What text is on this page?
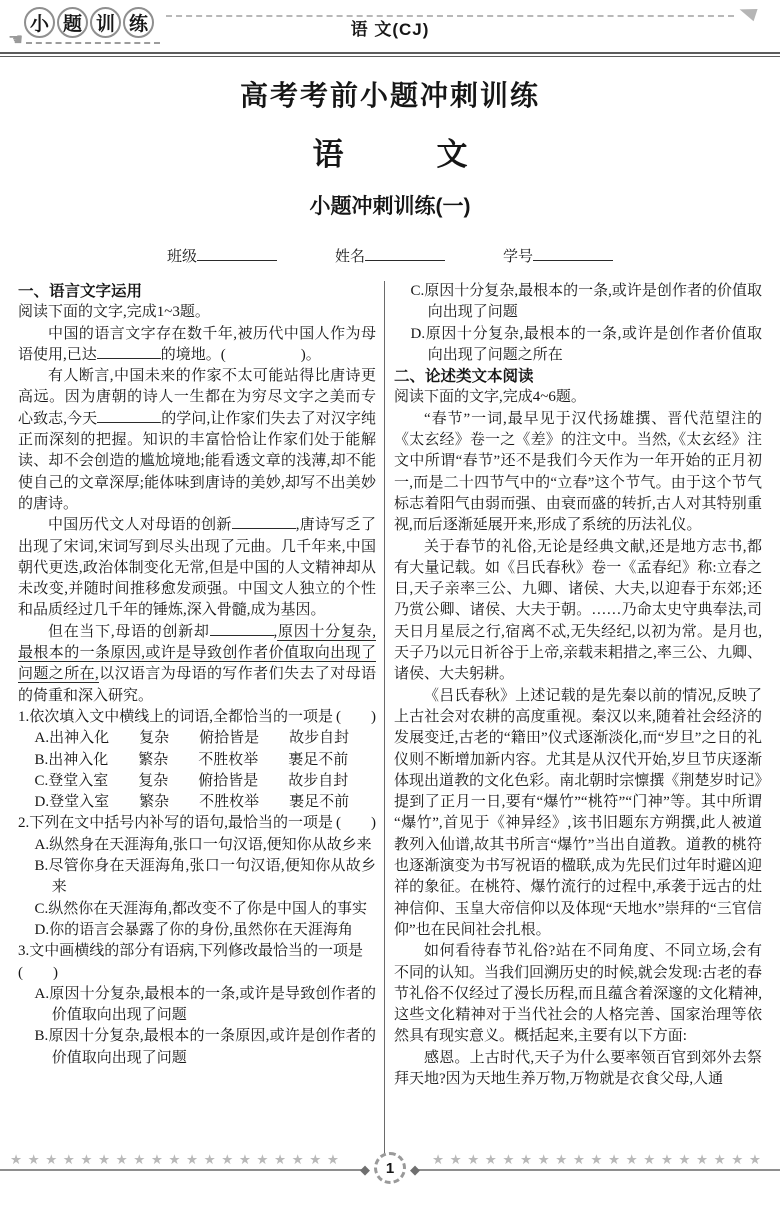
☚
小 题 训 练	语 文(CJ)
高考考前小题冲刺训练
语　　　文
小题冲刺训练(一)
班级	姓名	学号

一、语言文字运用

阅读下面的文字,完成1~3题。

中国的语言文字存在数千年,被历代中国人作为母语使用,已达	的境地。(　　　　　)。

有人断言,中国未来的作家不太可能站得比唐诗更高远。因为唐朝的诗人一生都在为穷尽文字之美而专心致志,今天	的学问,让作家们失去了对汉字纯正而深刻的把握。知识的丰富恰恰让作家们处于能解读、却不会创造的尴尬境地;能看透文章的浅薄,却不能使自己的文章深厚;能体味到唐诗的美妙,却写不出美妙的唐诗。

中国历代文人对母语的创新	,唐诗写乏了出现了宋词,宋词写到尽头出现了元曲。几千年来,中国朝代更迭,政治体制变化无常,但是中国的人文精神却从未改变,并随时间推移愈发顽强。中国文人独立的个性和品质经过几千年的锤炼,深入骨髓,成为基因。

但在当下,母语的创新却	,原因十分复杂,最根本的一条原因,或许是导致创作者价值取向出现了问题之所在,以汉语言为母语的写作者们失去了对母语的倚重和深入研究。

(　　)
1.依次填入文中横线上的词语,全都恰当的一项是

A.出神入化　　复杂　　俯拾皆是　　故步自封

B.出神入化　　繁杂　　不胜枚举　　裹足不前

C.登堂入室　　复杂　　俯拾皆是　　故步自封

D.登堂入室　　繁杂　　不胜枚举　　裹足不前

(　　)
2.下列在文中括号内补写的语句,最恰当的一项是

A.纵然身在天涯海角,张口一句汉语,便知你从故乡来

B.尽管你身在天涯海角,张口一句汉语,便知你从故乡来

C.纵然你在天涯海角,都改变不了你是中国人的事实

D.你的语言会暴露了你的身份,虽然你在天涯海角

3.文中画横线的部分有语病,下列修改最恰当的一项是

(　　)

A.原因十分复杂,最根本的一条,或许是导致创作者的价值取向出现了问题

B.原因十分复杂,最根本的一条原因,或许是创作者的价值取向出现了问题

C.原因十分复杂,最根本的一条,或许是创作者的价值取向出现了问题

D.原因十分复杂,最根本的一条,或许是创作者价值取向出现了问题之所在

二、论述类文本阅读

阅读下面的文字,完成4~6题。

“春节”一词,最早见于汉代扬雄撰、晋代范望注的《太玄经》卷一之《差》的注文中。当然,《太玄经》注文中所谓“春节”还不是我们今天作为一年开始的正月初一,而是二十四节气中的“立春”这个节气。由于这个节气标志着阳气由弱而强、由衰而盛的转折,古人对其特别重视,而后逐渐延展开来,形成了系统的历法礼仪。

关于春节的礼俗,无论是经典文献,还是地方志书,都有大量记载。如《吕氏春秋》卷一《孟春纪》称:立春之日,天子亲率三公、九卿、诸侯、大夫,以迎春于东郊;还乃赏公卿、诸侯、大夫于朝。……乃命太史守典奉法,司天日月星辰之行,宿离不忒,无失经纪,以初为常。是月也,天子乃以元日祈谷于上帝,亲载耒耜措之,率三公、九卿、诸侯、大夫躬耕。

《吕氏春秋》上述记载的是先秦以前的情况,反映了上古社会对农耕的高度重视。秦汉以来,随着社会经济的发展变迁,古老的“籍田”仪式逐渐淡化,而“岁旦”之日的礼仪则不断增加新内容。尤其是从汉代开始,岁旦节庆逐渐体现出道教的文化色彩。南北朝时宗懔撰《荆楚岁时记》提到了正月一日,要有“爆竹”“桃符”“门神”等。其中所谓“爆竹”,首见于《神异经》,该书旧题东方朔撰,此人被道教列入仙谱,故其书所言“爆竹”当出自道教。道教的桃符也逐渐演变为书写祝语的楹联,成为先民们过年时避凶迎祥的象征。在桃符、爆竹流行的过程中,承袭于远古的灶神信仰、玉皇大帝信仰以及体现“天地水”崇拜的“三官信仰”也在民间社会扎根。

如何看待春节礼俗?站在不同角度、不同立场,会有不同的认知。当我们回溯历史的时候,就会发现:古老的春节礼俗不仅经过了漫长历程,而且蕴含着深邃的文化精神,这些文化精神对于当代社会的人格完善、国家治理等依然具有现实意义。概括起来,主要有以下方面:

感恩。上古时代,天子为什么要率领百官到郊外去祭拜天地?因为天地生养万物,万物就是衣食父母,人通

★★★★★★★★★★★★★★★★★★★
◆ 1	★★★★★★★★★★★★★★★★★★★
◆
